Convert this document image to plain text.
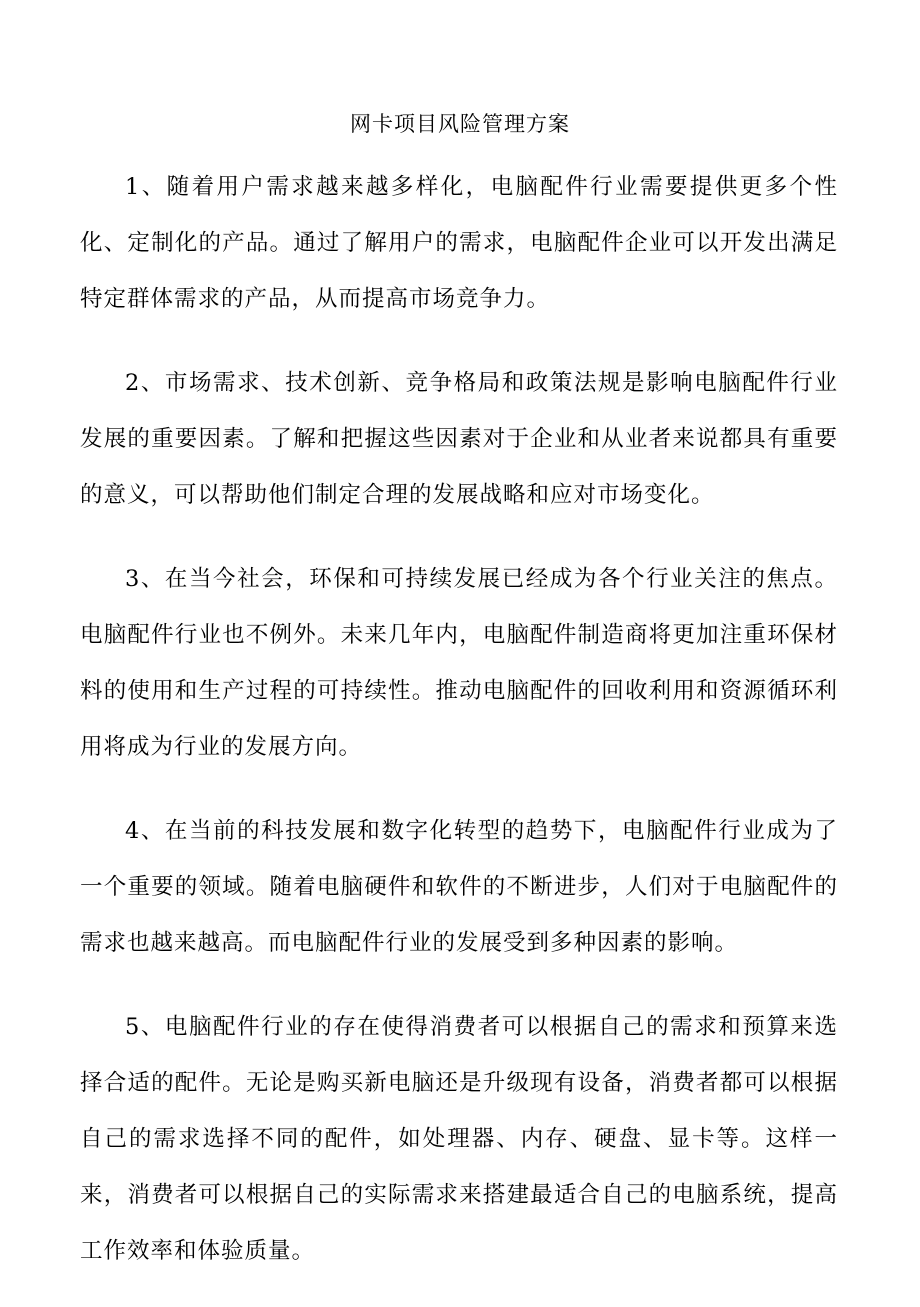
网卡项目风险管理方案

1、随着用户需求越来越多样化，电脑配件行业需要提供更多个性化、定制化的产品。通过了解用户的需求，电脑配件企业可以开发出满足特定群体需求的产品，从而提高市场竞争力。

2、市场需求、技术创新、竞争格局和政策法规是影响电脑配件行业发展的重要因素。了解和把握这些因素对于企业和从业者来说都具有重要的意义，可以帮助他们制定合理的发展战略和应对市场变化。

3、在当今社会，环保和可持续发展已经成为各个行业关注的焦点。电脑配件行业也不例外。未来几年内，电脑配件制造商将更加注重环保材料的使用和生产过程的可持续性。推动电脑配件的回收利用和资源循环利用将成为行业的发展方向。

4、在当前的科技发展和数字化转型的趋势下，电脑配件行业成为了一个重要的领域。随着电脑硬件和软件的不断进步，人们对于电脑配件的需求也越来越高。而电脑配件行业的发展受到多种因素的影响。

5、电脑配件行业的存在使得消费者可以根据自己的需求和预算来选择合适的配件。无论是购买新电脑还是升级现有设备，消费者都可以根据自己的需求选择不同的配件，如处理器、内存、硬盘、显卡等。这样一来，消费者可以根据自己的实际需求来搭建最适合自己的电脑系统，提高工作效率和体验质量。
